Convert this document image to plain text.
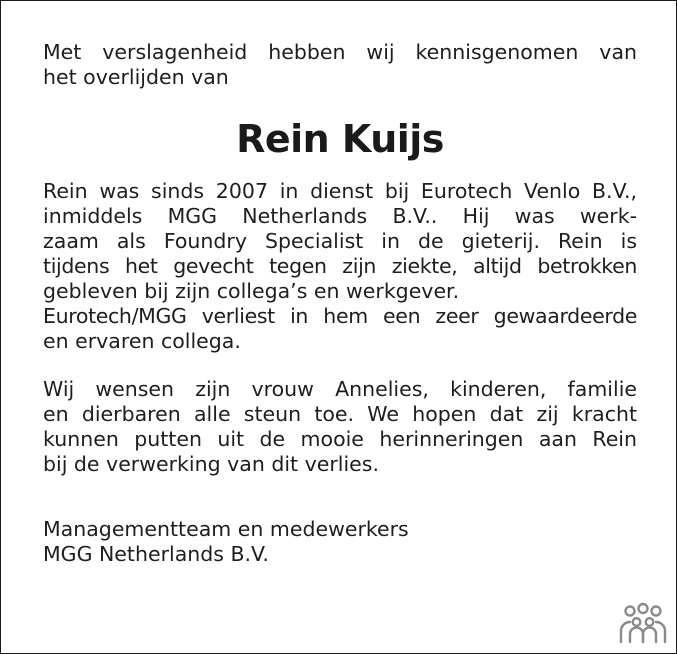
Met verslagenheid hebben wij kennisgenomen van
het overlijden van
Rein Kuijs
Rein was sinds 2007 in dienst bij Eurotech Venlo B.V.,
inmiddels MGG Netherlands B.V.. Hij was werk-
zaam als Foundry Specialist in de gieterij. Rein is
tijdens het gevecht tegen zijn ziekte, altijd betrokken
gebleven bij zijn collega’s en werkgever.
Eurotech/MGG verliest in hem een zeer gewaardeerde
en ervaren collega.
Wij wensen zijn vrouw Annelies, kinderen, familie
en dierbaren alle steun toe. We hopen dat zij kracht
kunnen putten uit de mooie herinneringen aan Rein
bij de verwerking van dit verlies.
Managementteam en medewerkers
MGG Netherlands B.V.
